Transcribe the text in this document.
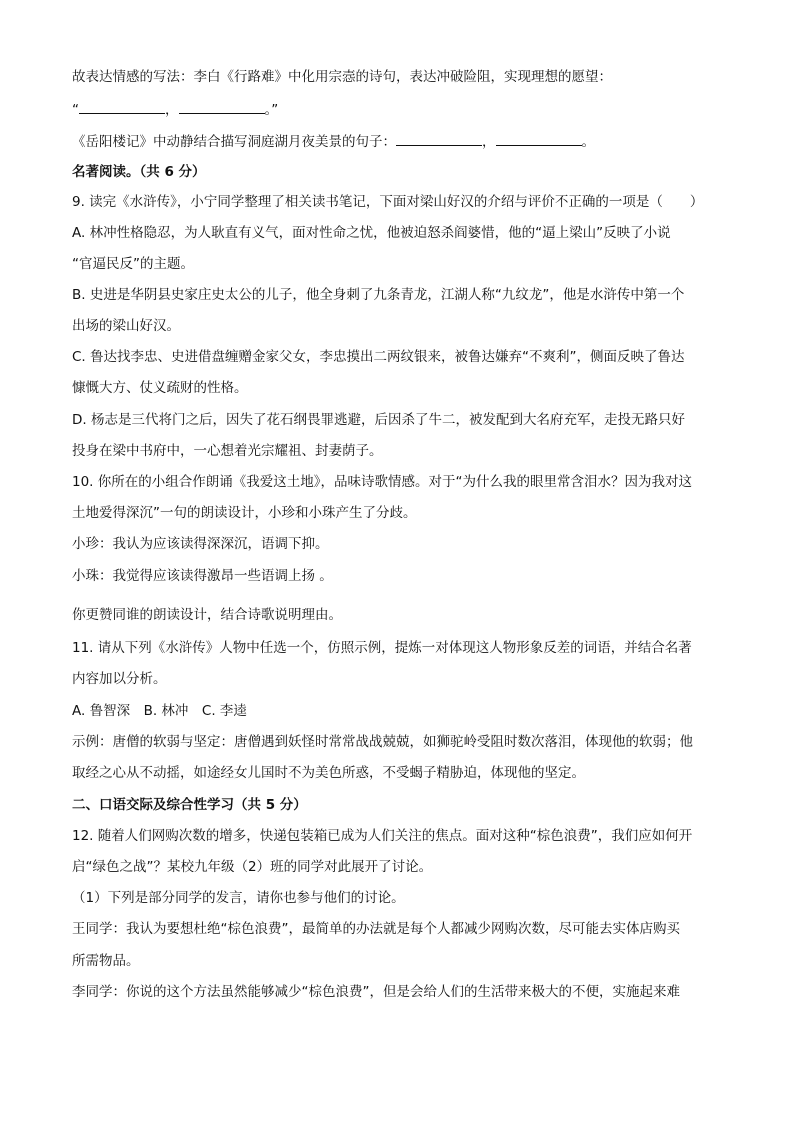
故表达情感的写法：李白《行路难》中化用宗悫的诗句，表达冲破险阻，实现理想的愿望：
“	，	。”
《岳阳楼记》中动静结合描写洞庭湖月夜美景的句子：	，	。
名著阅读。（共 6 分）
9. 读完《水浒传》，小宁同学整理了相关读书笔记，下面对梁山好汉的介绍与评价不正确的一项是（　　）
A. 林冲性格隐忍，为人耿直有义气，面对性命之忧，他被迫怒杀阎婆惜，他的“逼上梁山”反映了小说
“官逼民反”的主题。
B. 史进是华阴县史家庄史太公的儿子，他全身刺了九条青龙，江湖人称“九纹龙”，他是水浒传中第一个
出场的梁山好汉。
C. 鲁达找李忠、史进借盘缠赠金家父女，李忠摸出二两纹银来，被鲁达嫌弃“不爽利”，侧面反映了鲁达
慷慨大方、仗义疏财的性格。
D. 杨志是三代将门之后，因失了花石纲畏罪逃避，后因杀了牛二，被发配到大名府充军，走投无路只好
投身在梁中书府中，一心想着光宗耀祖、封妻荫子。
10. 你所在的小组合作朗诵《我爱这土地》，品味诗歌情感。对于“为什么我的眼里常含泪水？因为我对这
土地爱得深沉”一句的朗读设计，小珍和小珠产生了分歧。
小珍：我认为应该读得深深沉，语调下抑。
小珠：我觉得应该读得激昂一些语调上扬 。
你更赞同谁的朗读设计，结合诗歌说明理由。
11. 请从下列《水浒传》人物中任选一个，仿照示例，提炼一对体现这人物形象反差的词语，并结合名著
内容加以分析。
A. 鲁智深　B. 林冲　C. 李逵
示例：唐僧的软弱与坚定：唐僧遇到妖怪时常常战战兢兢，如狮驼岭受阻时数次落泪，体现他的软弱；他
取经之心从不动摇，如途经女儿国时不为美色所惑，不受蝎子精胁迫，体现他的坚定。
二、口语交际及综合性学习（共 5 分）
12. 随着人们网购次数的增多，快递包装箱已成为人们关注的焦点。面对这种“棕色浪费”，我们应如何开
启“绿色之战”？某校九年级（2）班的同学对此展开了讨论。
（1）下列是部分同学的发言，请你也参与他们的讨论。
王同学：我认为要想杜绝“棕色浪费”，最简单的办法就是每个人都减少网购次数，尽可能去实体店购买
所需物品。
李同学：你说的这个方法虽然能够减少“棕色浪费”，但是会给人们的生活带来极大的不便，实施起来难
